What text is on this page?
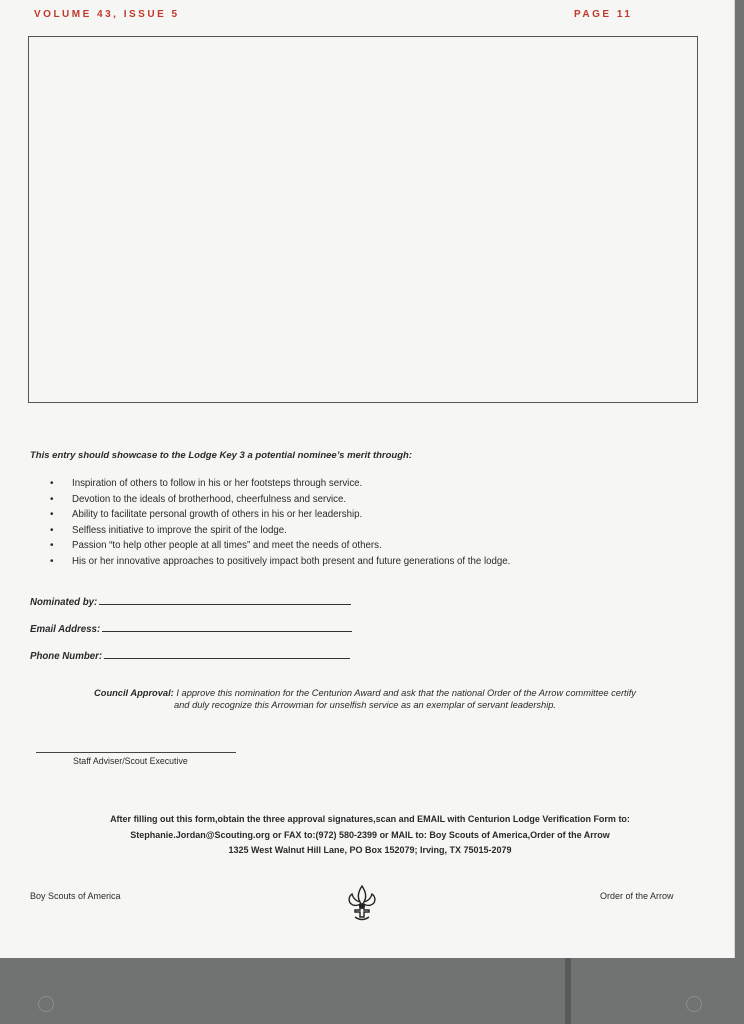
VOLUME 43, ISSUE 5	PAGE 11
This entry should showcase to the Lodge Key 3 a potential nominee’s merit through:
• Inspiration of others to follow in his or her footsteps through service.
• Devotion to the ideals of brotherhood, cheerfulness and service.
• Ability to facilitate personal growth of others in his or her leadership.
• Selfless initiative to improve the spirit of the lodge.
• Passion “to help other people at all times” and meet the needs of others.
• His or her innovative approaches to positively impact both present and future generations of the lodge.
Nominated by:
Email Address:
Phone Number:
Council Approval: I approve this nomination for the Centurion Award and ask that the national Order of the Arrow committee certify
and duly recognize this Arrowman for unselfish service as an exemplar of servant leadership.
Staff Adviser/Scout Executive
After filling out this form,obtain the three approval signatures,scan and EMAIL with Centurion Lodge Verification Form to:
Stephanie.Jordan@Scouting.org or FAX to:(972) 580-2399 or MAIL to: Boy Scouts of America,Order of the Arrow
1325 West Walnut Hill Lane, PO Box 152079; Irving, TX 75015-2079
Boy Scouts of America	Order of the Arrow
